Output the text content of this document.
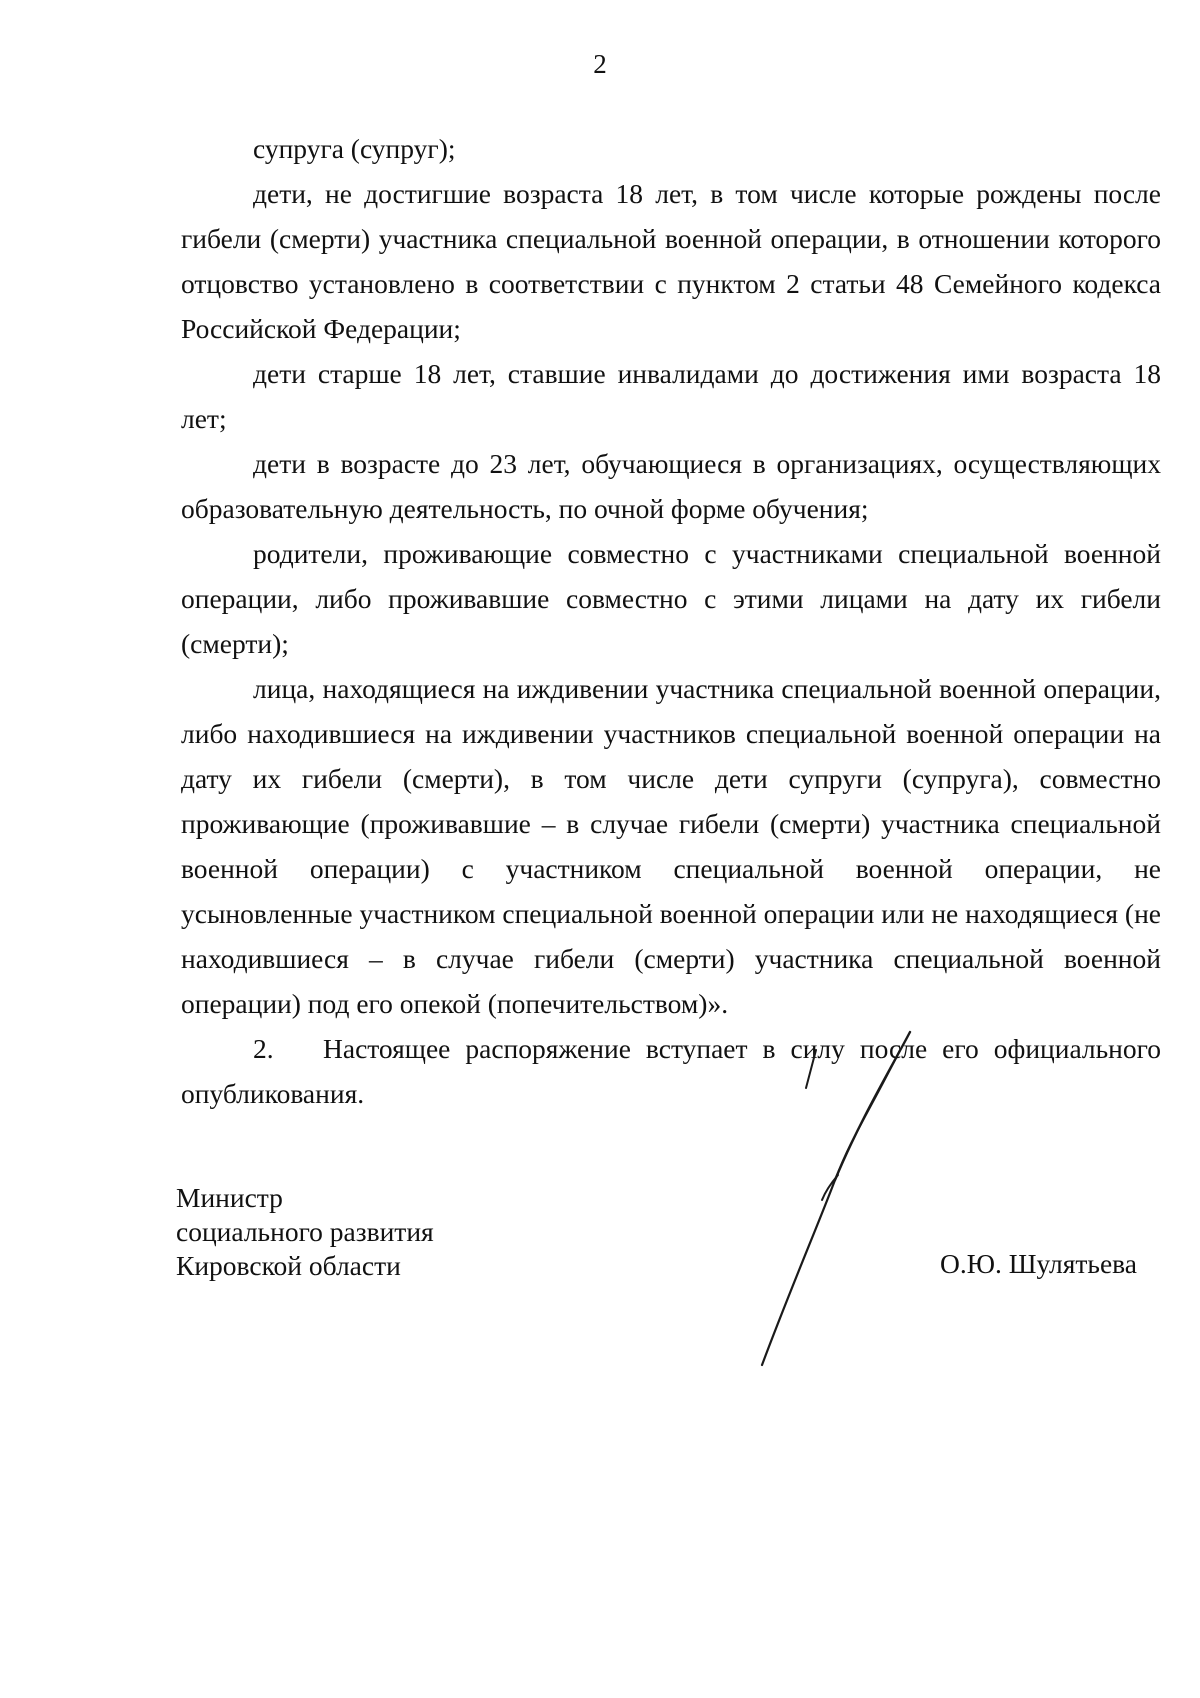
2

супруга (супруг);

дети, не достигшие возраста 18 лет, в том числе которые рождены после гибели (смерти) участника специальной военной операции, в отношении которого отцовство установлено в соответствии с пунктом 2 статьи 48 Семейного кодекса Российской Федерации;

дети старше 18 лет, ставшие инвалидами до достижения ими возраста 18 лет;

дети в возрасте до 23 лет, обучающиеся в организациях, осуществляющих образовательную деятельность, по очной форме обучения;

родители, проживающие совместно с участниками специальной военной операции, либо проживавшие совместно с этими лицами на дату их гибели (смерти);

лица, находящиеся на иждивении участника специальной военной операции, либо находившиеся на иждивении участников специальной военной операции на дату их гибели (смерти), в том числе дети супруги (супруга), совместно проживающие (проживавшие – в случае гибели (смерти) участника специальной военной операции) с участником специальной военной операции, не усыновленные участником специальной военной операции или не находящиеся (не находившиеся – в случае гибели (смерти) участника специальной военной операции) под его опекой (попечительством)».

2. Настоящее распоряжение вступает в силу после его официального опубликования.

Министр
социального развития
Кировской области	О.Ю. Шулятьева
